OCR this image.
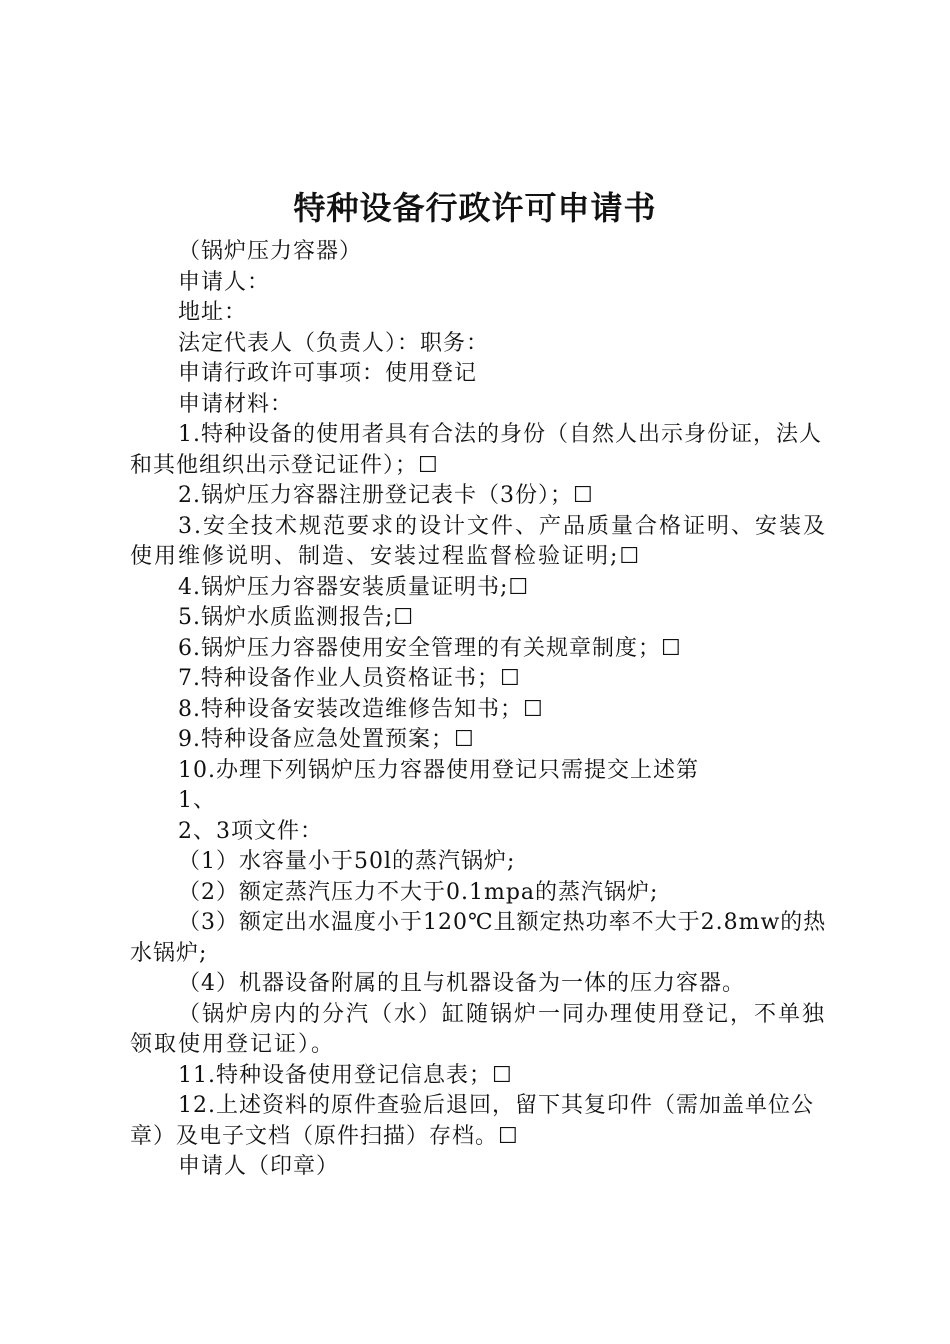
特种设备行政许可申请书

（锅炉压力容器）

申请人：

地址：

法定代表人（负责人）：职务：

申请行政许可事项：使用登记

申请材料：

1.特种设备的使用者具有合法的身份（自然人出示身份证，法人和其他组织出示登记证件）；☐

2.锅炉压力容器注册登记表卡（3份）；☐

3.安全技术规范要求的设计文件、产品质量合格证明、安装及使用维修说明、制造、安装过程监督检验证明;☐

4.锅炉压力容器安装质量证明书;☐

5.锅炉水质监测报告;☐

6.锅炉压力容器使用安全管理的有关规章制度；☐

7.特种设备作业人员资格证书；☐

8.特种设备安装改造维修告知书；☐

9.特种设备应急处置预案；☐

10.办理下列锅炉压力容器使用登记只需提交上述第

1、

2、3项文件：

（1）水容量小于50l的蒸汽锅炉;

（2）额定蒸汽压力不大于0.1mpa的蒸汽锅炉;

（3）额定出水温度小于120℃且额定热功率不大于2.8mw的热水锅炉;

（4）机器设备附属的且与机器设备为一体的压力容器。

（锅炉房内的分汽（水）缸随锅炉一同办理使用登记，不单独领取使用登记证）。

11.特种设备使用登记信息表；☐

12.上述资料的原件查验后退回，留下其复印件（需加盖单位公章）及电子文档（原件扫描）存档。☐

申请人（印章）
